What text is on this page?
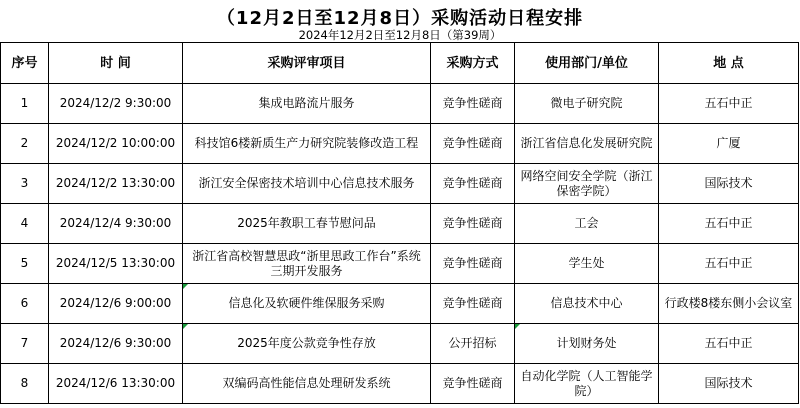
（12月2日至12月8日）采购活动日程安排
2024年12月2日至12月8日（第39周）
序号	时 间	采购评审项目	采购方式	使用部门/单位	地 点
1	2024/12/2 9:30:00	集成电路流片服务	竞争性磋商	微电子研究院	五石中正
2	2024/12/2 10:00:00	科技馆6楼新质生产力研究院装修改造工程	竞争性磋商	浙江省信息化发展研究院	广厦
3	2024/12/2 13:30:00	浙江安全保密技术培训中心信息技术服务	竞争性磋商	网络空间安全学院（浙江保密学院）	国际技术
4	2024/12/4 9:30:00	2025年教职工春节慰问品	竞争性磋商	工会	五石中正
5	2024/12/5 13:30:00	浙江省高校智慧思政“浙里思政工作台”系统三期开发服务	竞争性磋商	学生处	五石中正
6	2024/12/6 9:00:00	信息化及软硬件维保服务采购	竞争性磋商	信息技术中心	行政楼8楼东侧小会议室
7	2024/12/6 9:30:00	2025年度公款竞争性存放	公开招标	计划财务处	五石中正
8	2024/12/6 13:30:00	双编码高性能信息处理研发系统	竞争性磋商	自动化学院（人工智能学院）	国际技术
